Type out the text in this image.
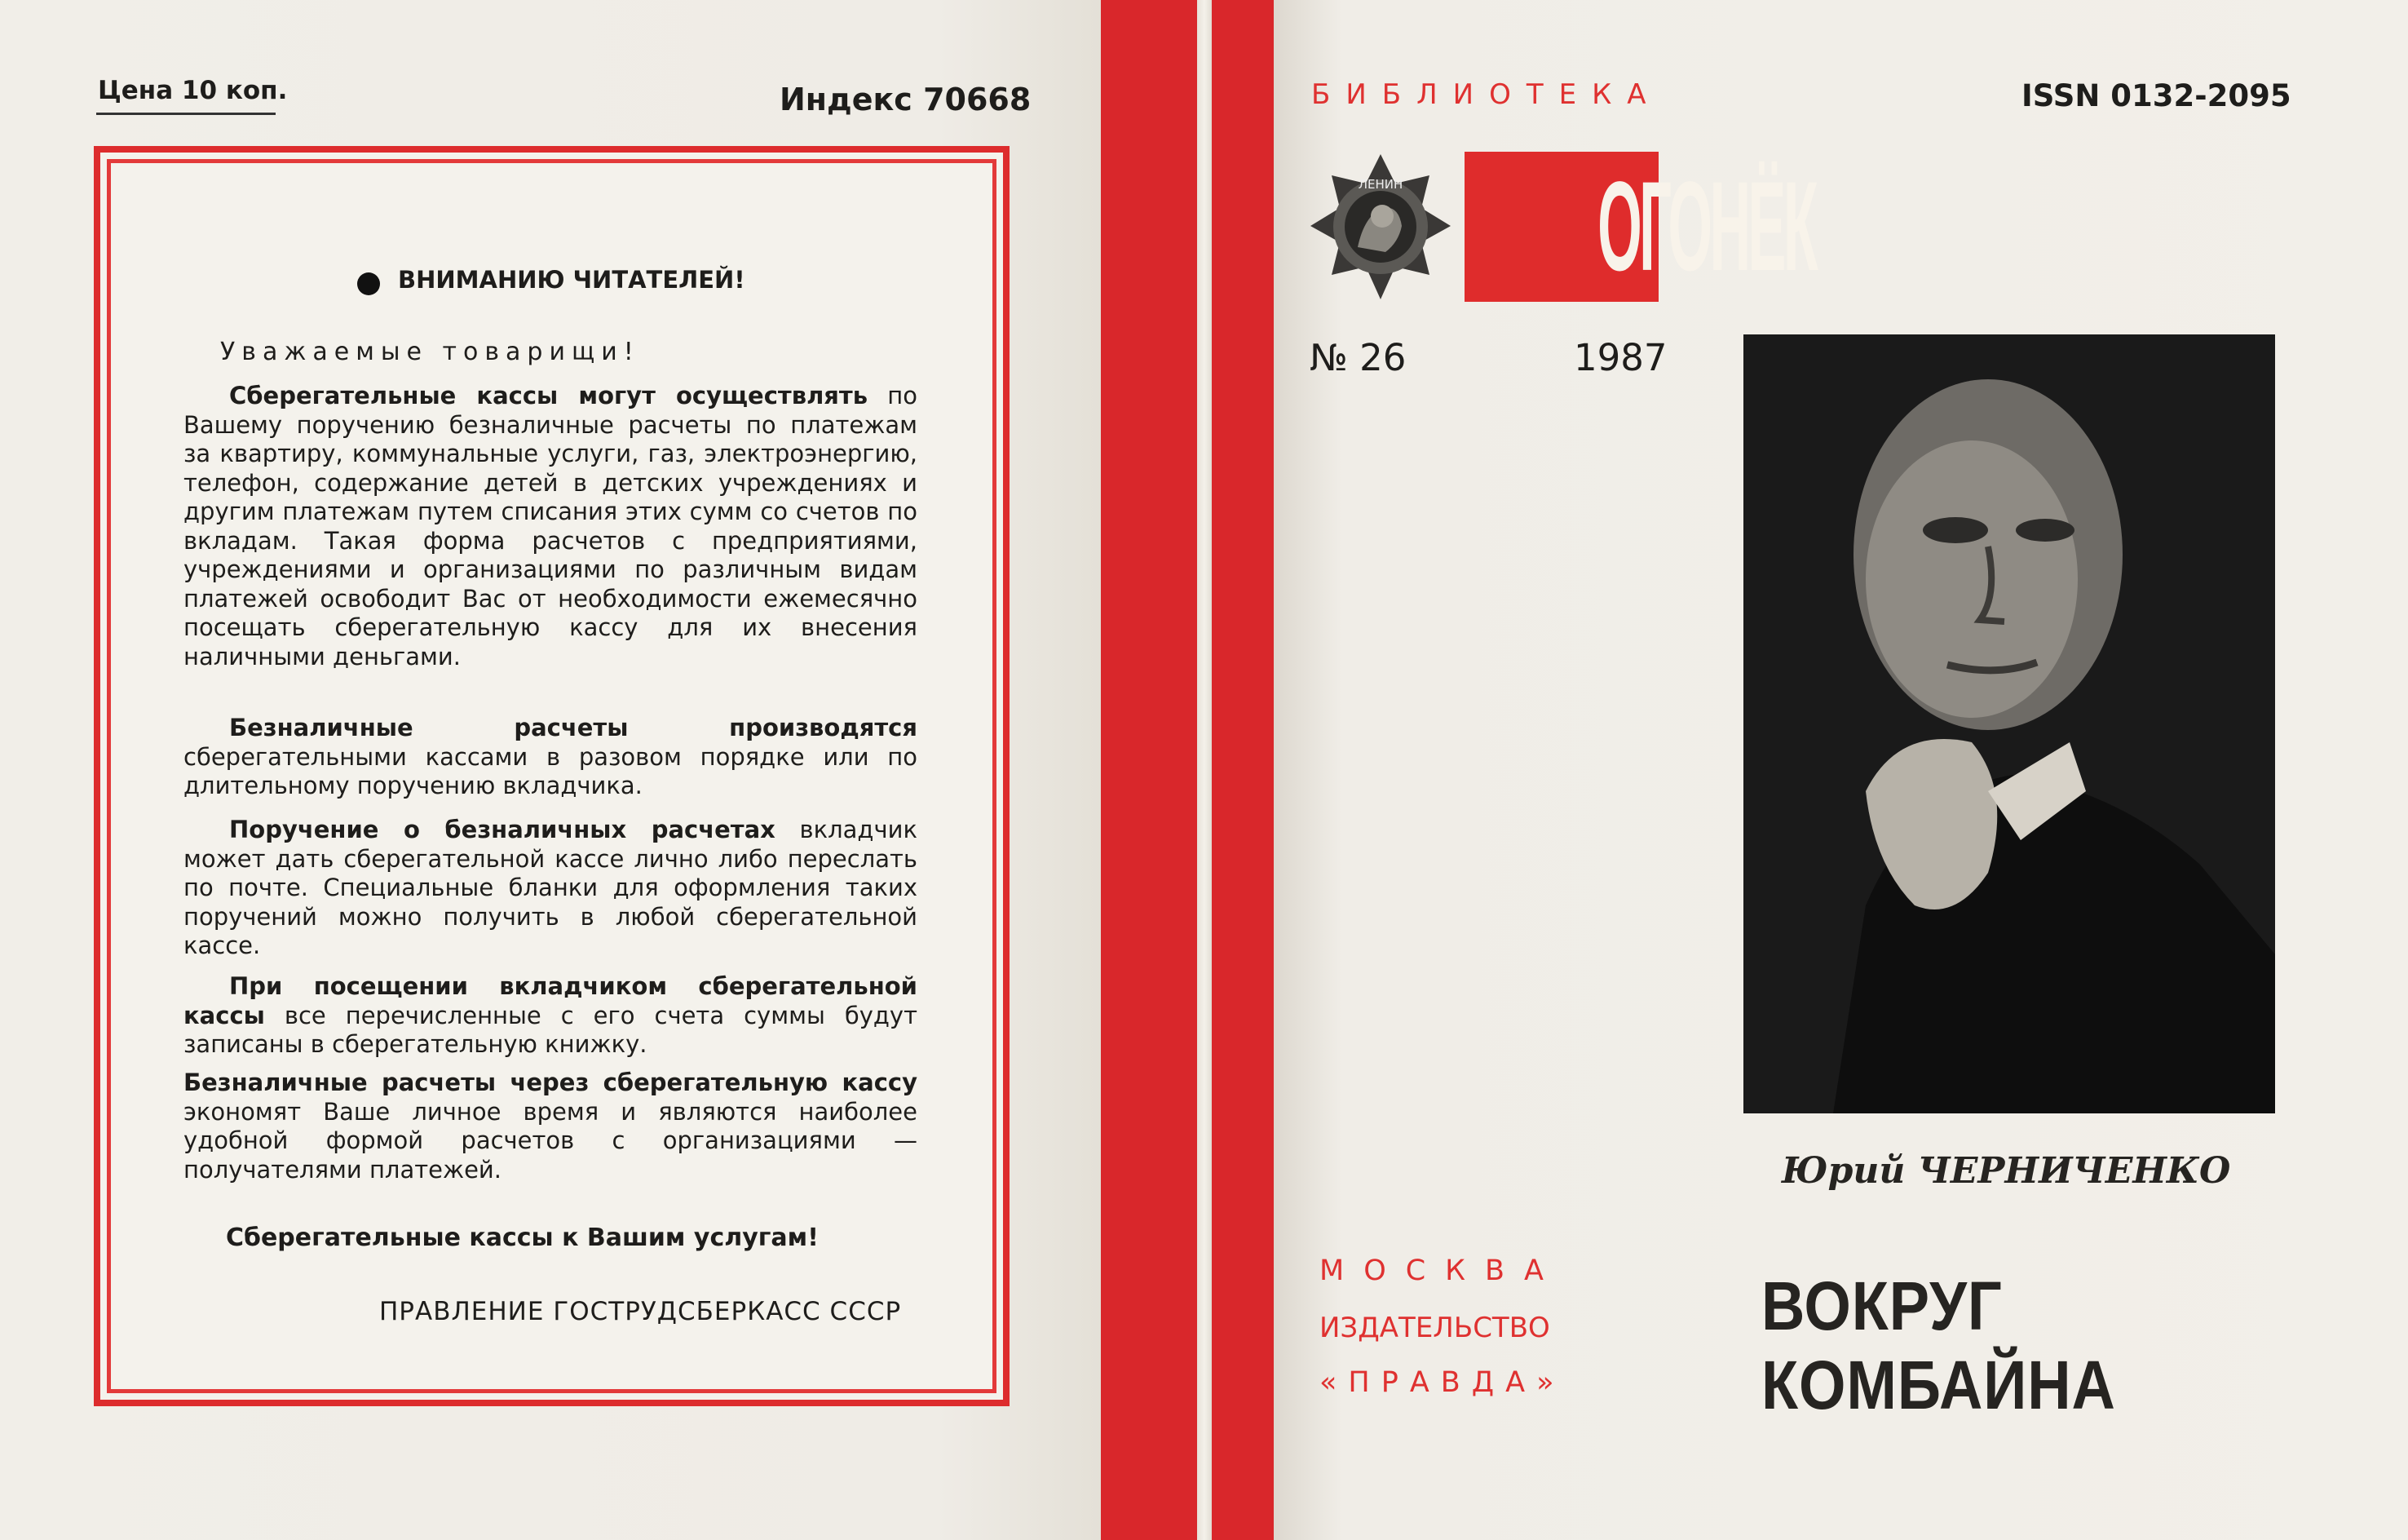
Цена 10 коп.	Индекс 70668
ВНИМАНИЮ ЧИТАТЕЛЕЙ!
Уважаемые товарищи!
Сберегательные кассы могут осуществлять по Вашему поручению безналичные расчеты по платежам за квартиру, коммунальные услуги, газ, электроэнергию, телефон, содержание детей в детских учреждениях и другим платежам путем списания этих сумм со счетов по вкладам. Такая форма расчетов с предприятиями, учреждениями и организациями по различным видам платежей освободит Вас от необходимости ежемесячно посещать сберегательную кассу для их внесения наличными деньгами.
Безналичные расчеты производятся сберегательными кассами в разовом порядке или по длительному поручению вкладчика.
Поручение о безналичных расчетах вкладчик может дать сберегательной кассе лично либо переслать по почте. Специальные бланки для оформления таких поручений можно получить в любой сберегательной кассе.
При посещении вкладчиком сберегательной кассы все перечисленные с его счета суммы будут записаны в сберегательную книжку.
Безналичные расчеты через сберегательную кассу экономят Ваше личное время и являются наиболее удобной формой расчетов с организациями — получателями платежей.
Сберегательные кассы к Вашим услугам!
ПРАВЛЕНИЕ ГОСТРУДСБЕРКАСС СССР
БИБЛИОТЕКА
ЛЕНИН	ОГОНЁК
№ 26	1987
ISSN 0132-2095
Юрий ЧЕРНИЧЕНКО
ВОКРУГ КОМБАЙНА
МОСКВА
ИЗДАТЕЛЬСТВО
«ПРАВДА»
